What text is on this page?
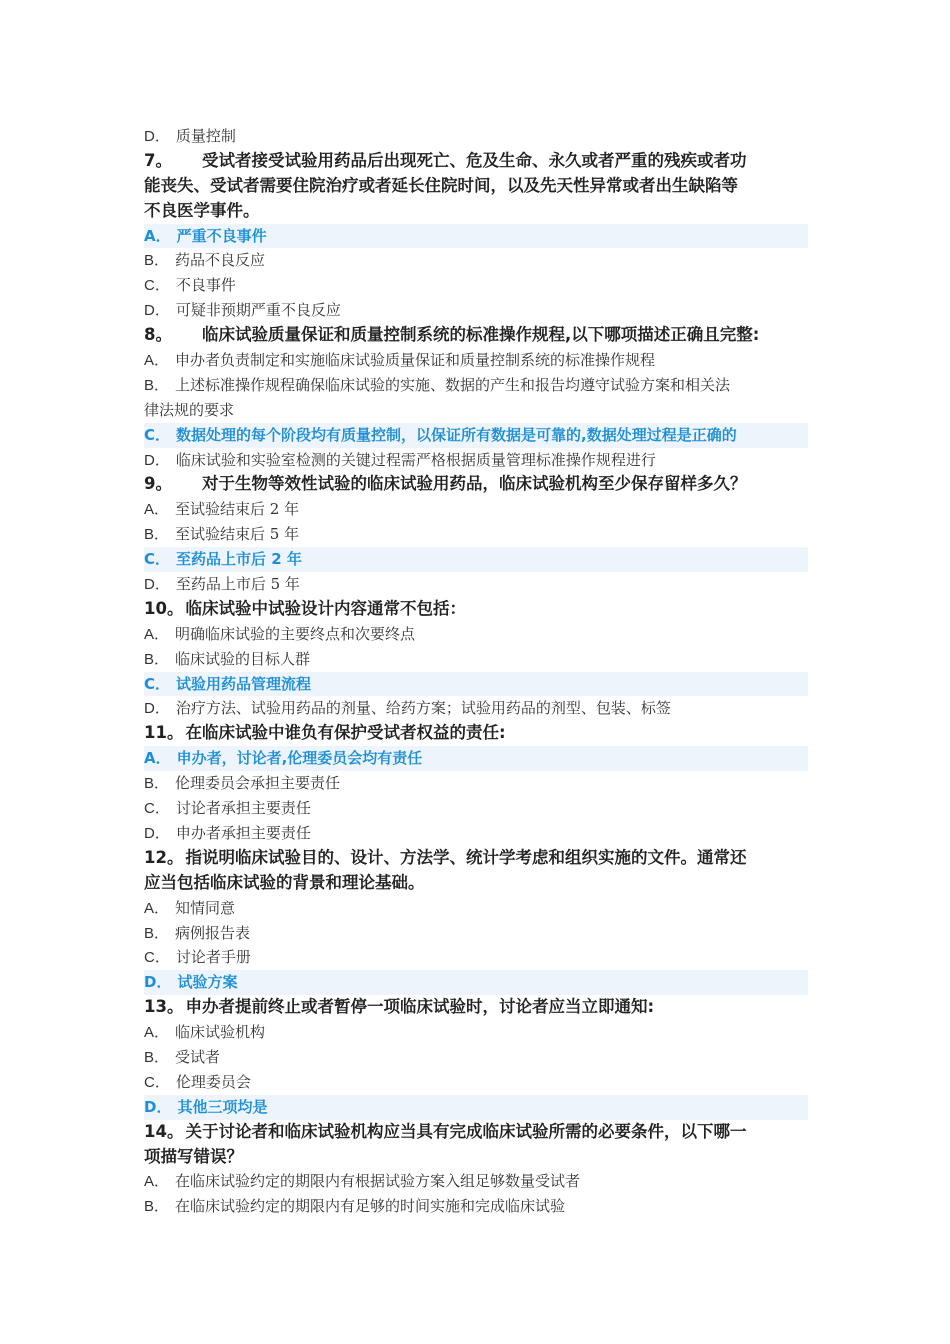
D． 质量控制
7。 受试者接受试验用药品后出现死亡、危及生命、永久或者严重的残疾或者功
能丧失、受试者需要住院治疗或者延长住院时间，以及先天性异常或者出生缺陷等
不良医学事件。
A． 严重不良事件
B． 药品不良反应
C． 不良事件
D． 可疑非预期严重不良反应
8。 临床试验质量保证和质量控制系统的标准操作规程,以下哪项描述正确且完整:
A． 申办者负责制定和实施临床试验质量保证和质量控制系统的标准操作规程
B． 上述标准操作规程确保临床试验的实施、数据的产生和报告均遵守试验方案和相关法
律法规的要求
C． 数据处理的每个阶段均有质量控制，以保证所有数据是可靠的,数据处理过程是正确的
D． 临床试验和实验室检测的关键过程需严格根据质量管理标准操作规程进行
9。 对于生物等效性试验的临床试验用药品，临床试验机构至少保存留样多久？
A． 至试验结束后 2 年
B． 至试验结束后 5 年
C． 至药品上市后 2 年
D． 至药品上市后 5 年
10。 临床试验中试验设计内容通常不包括：
A． 明确临床试验的主要终点和次要终点
B． 临床试验的目标人群
C． 试验用药品管理流程
D． 治疗方法、试验用药品的剂量、给药方案；试验用药品的剂型、包装、标签
11。 在临床试验中谁负有保护受试者权益的责任:
A． 申办者，讨论者,伦理委员会均有责任
B． 伦理委员会承担主要责任
C． 讨论者承担主要责任
D． 申办者承担主要责任
12。 指说明临床试验目的、设计、方法学、统计学考虑和组织实施的文件。通常还
应当包括临床试验的背景和理论基础。
A． 知情同意
B． 病例报告表
C． 讨论者手册
D． 试验方案
13。 申办者提前终止或者暂停一项临床试验时，讨论者应当立即通知:
A． 临床试验机构
B． 受试者
C． 伦理委员会
D． 其他三项均是
14。 关于讨论者和临床试验机构应当具有完成临床试验所需的必要条件，以下哪一
项描写错误？
A． 在临床试验约定的期限内有根据试验方案入组足够数量受试者
B． 在临床试验约定的期限内有足够的时间实施和完成临床试验
